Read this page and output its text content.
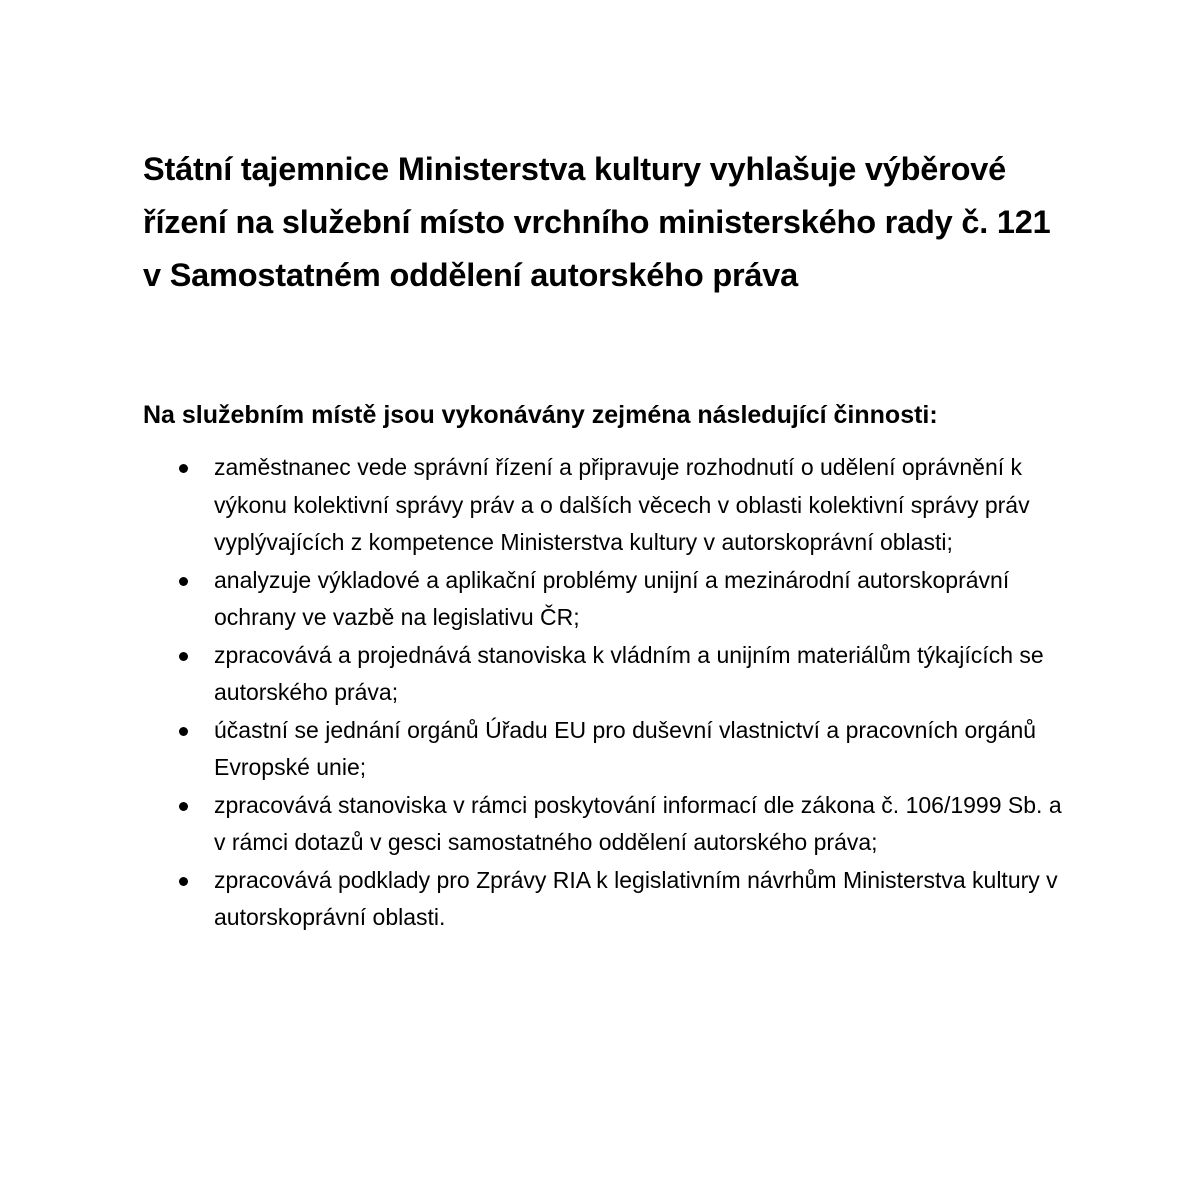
Státní tajemnice Ministerstva kultury vyhlašuje výběrové řízení na služební místo vrchního ministerského rady č. 121 v Samostatném oddělení autorského práva
Na služebním místě jsou vykonávány zejména následující činnosti:
zaměstnanec vede správní řízení a připravuje rozhodnutí o udělení oprávnění k výkonu kolektivní správy práv a o dalších věcech v oblasti kolektivní správy práv vyplývajících z kompetence Ministerstva kultury v autorskoprávní oblasti;
analyzuje výkladové a aplikační problémy unijní a mezinárodní autorskoprávní ochrany ve vazbě na legislativu ČR;
zpracovává a projednává stanoviska k vládním a unijním materiálům týkajících se autorského práva;
účastní se jednání orgánů Úřadu EU pro duševní vlastnictví a pracovních orgánů Evropské unie;
zpracovává stanoviska v rámci poskytování informací dle zákona č. 106/1999 Sb. a v rámci dotazů v gesci samostatného oddělení autorského práva;
zpracovává podklady pro Zprávy RIA k legislativním návrhům Ministerstva kultury v autorskoprávní oblasti.
